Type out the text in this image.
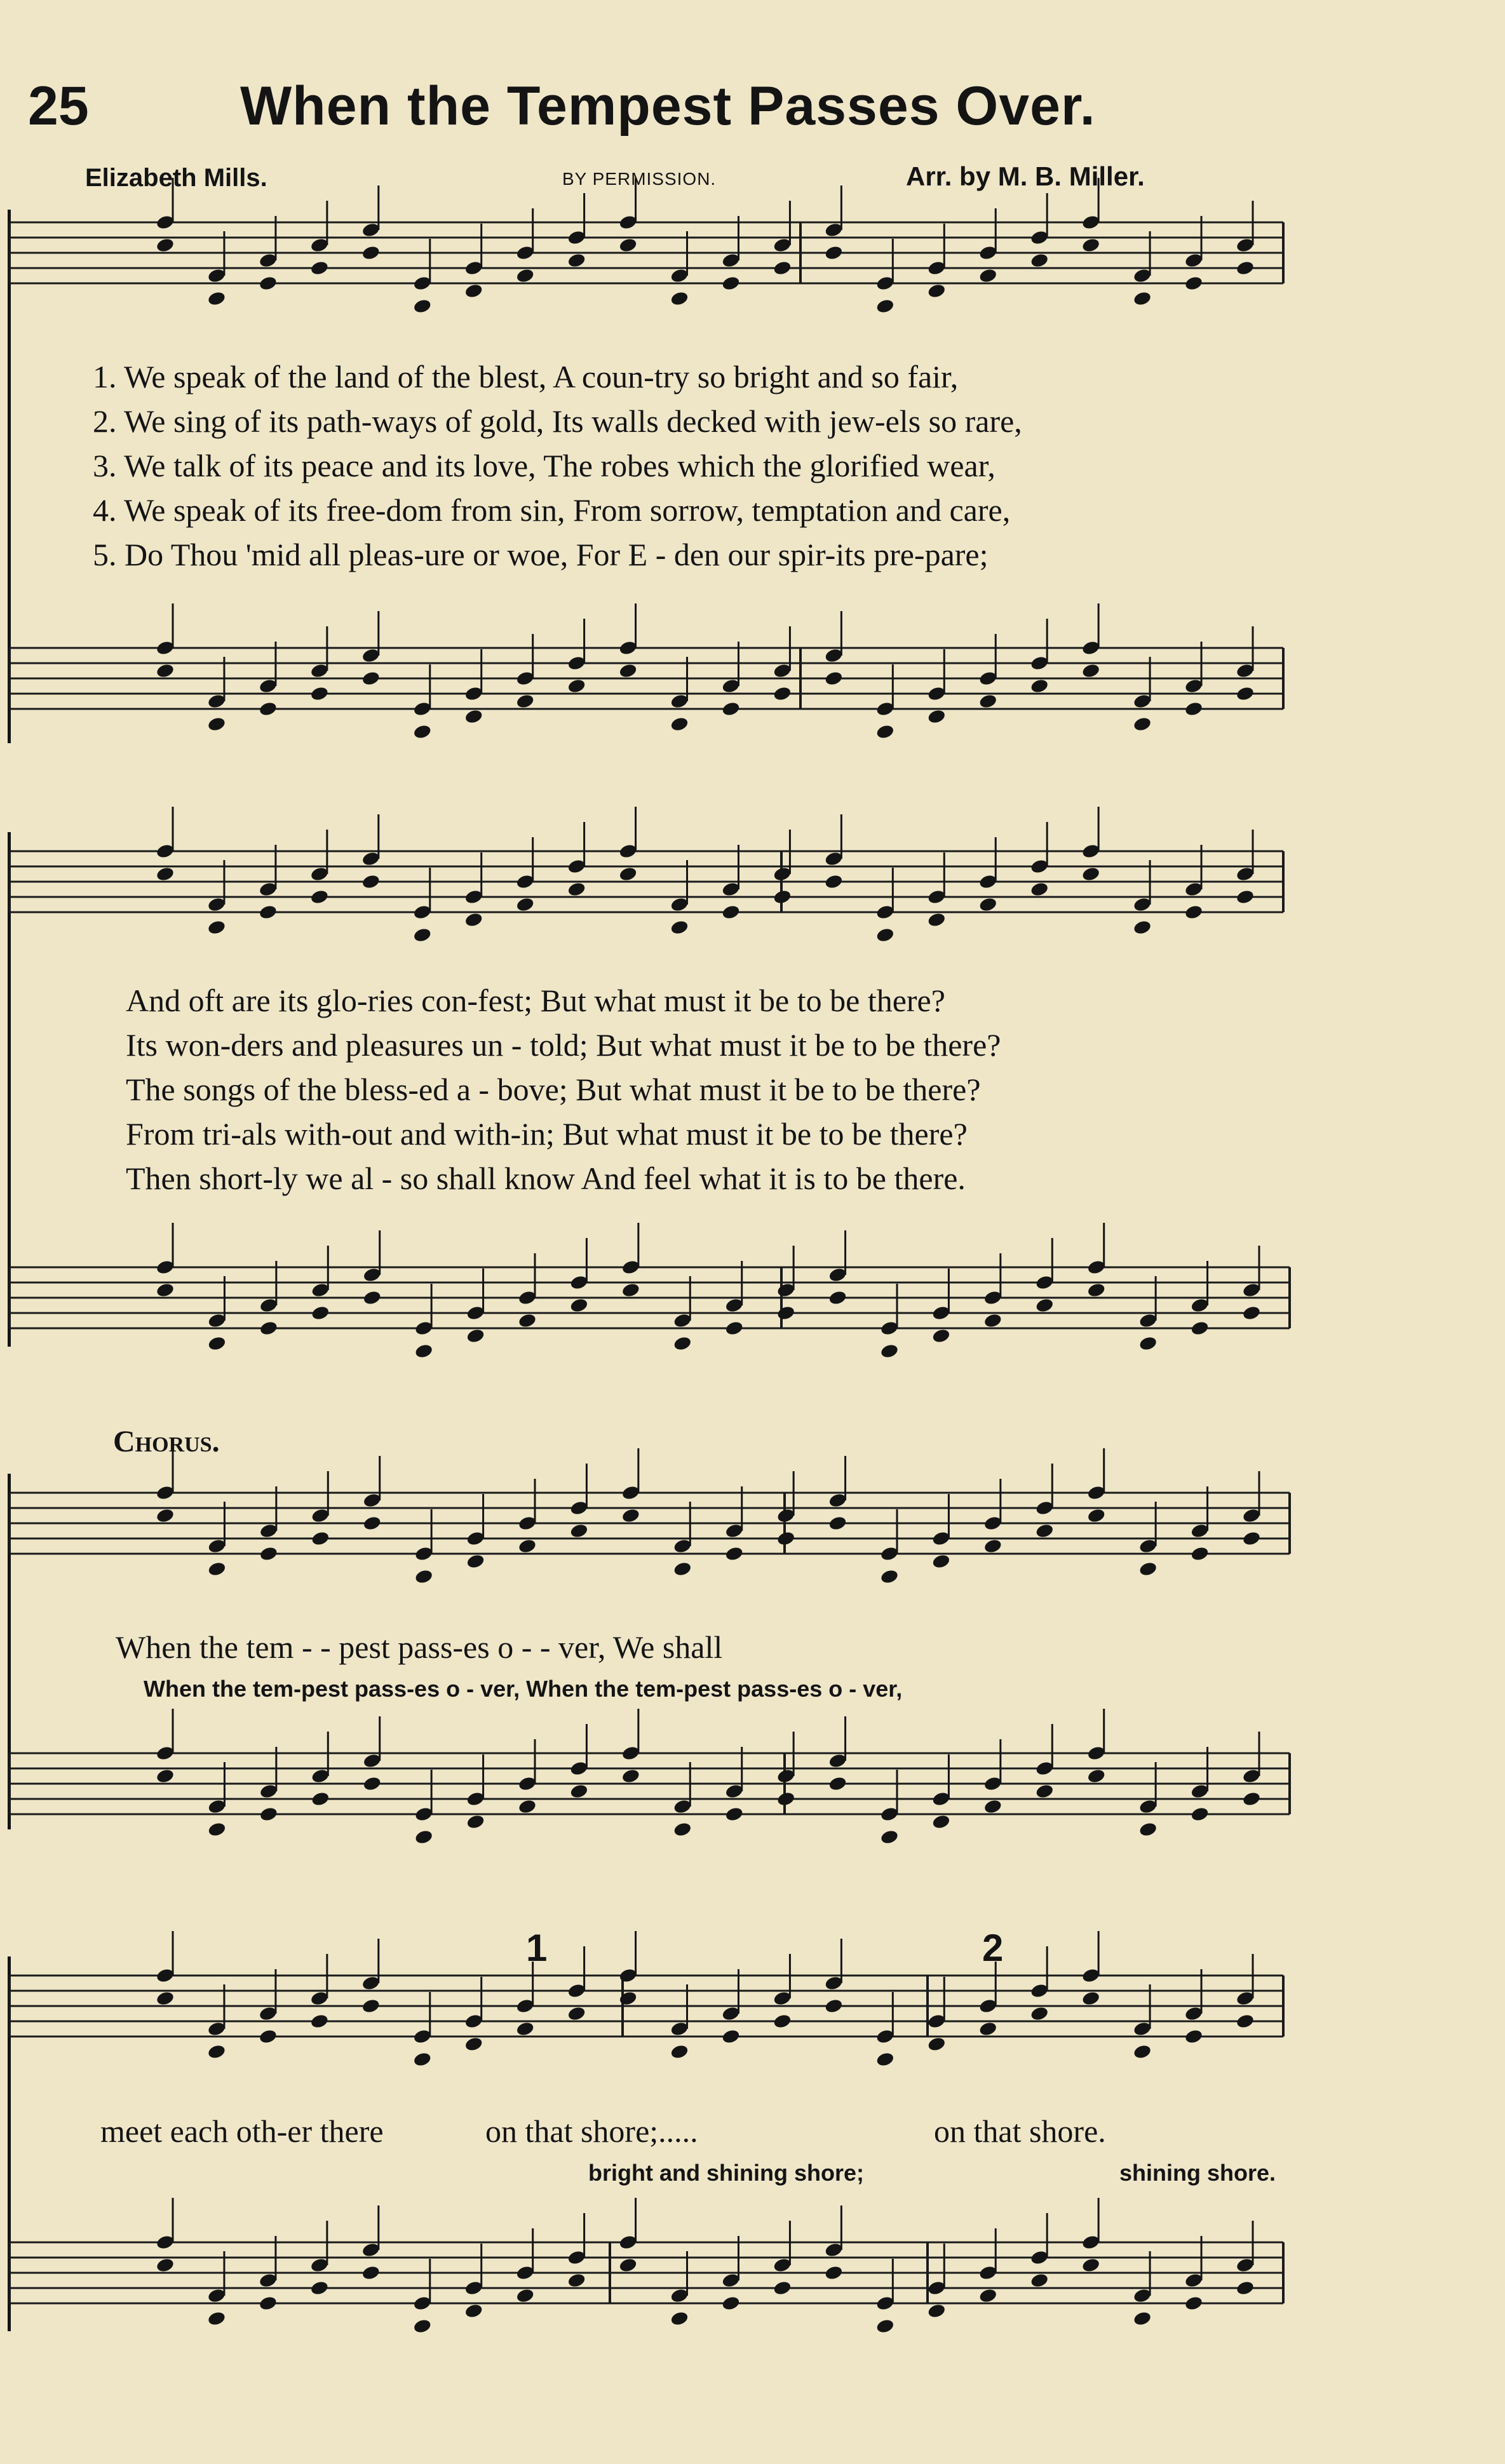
25	When the Tempest Passes Over.
Elizabeth Mills.	BY PERMISSION.	Arr. by M. B. Miller.
1. We speak of the land of the blest, A coun-try so bright and so fair,
2. We sing of its path-ways of gold, Its walls decked with jew-els so rare,
3. We talk of its peace and its love, The robes which the glorified wear,
4. We speak of its free-dom from sin, From sorrow, temptation and care,
5. Do Thou 'mid all pleas-ure or woe, For E - den our spir-its pre-pare;
And oft are its glo-ries con-fest; But what must it be to be there?
Its won-ders and pleasures un - told; But what must it be to be there?
The songs of the bless-ed a - bove; But what must it be to be there?
From tri-als with-out and with-in; But what must it be to be there?
Then short-ly we al - so shall know And feel what it is to be there.
Chorus.
When the tem - - pest pass-es o - - ver, We shall
When the tem-pest pass-es o - ver, When the tem-pest pass-es o - ver,
meet each oth-er there	on that shore;.....	on that shore.
bright and shining shore;	shining shore.
1	2
